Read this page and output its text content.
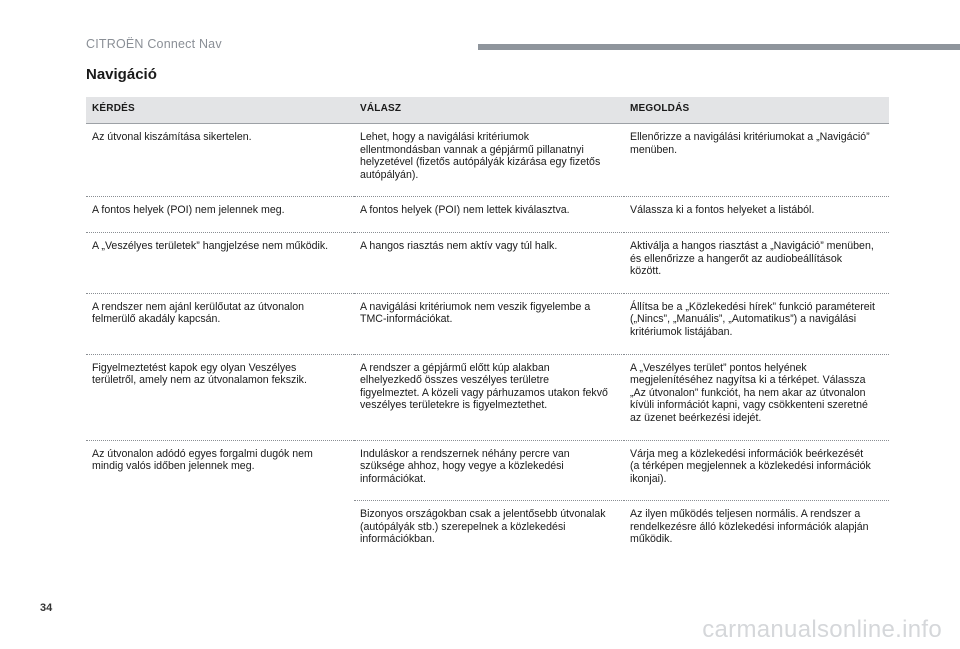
CITROËN Connect Nav
Navigáció
KÉRDÉS	VÁLASZ	MEGOLDÁS
Az útvonal kiszámítása sikertelen.	Lehet, hogy a navigálási kritériumok ellentmondásban vannak a gépjármű pillanatnyi helyzetével (fizetős autópályák kizárása egy fizetős autópályán).	Ellenőrizze a navigálási kritériumokat a „Navigáció” menüben.
A fontos helyek (POI) nem jelennek meg.	A fontos helyek (POI) nem lettek kiválasztva.	Válassza ki a fontos helyeket a listából.
A „Veszélyes területek” hangjelzése nem működik.	A hangos riasztás nem aktív vagy túl halk.	Aktiválja a hangos riasztást a „Navigáció” menüben, és ellenőrizze a hangerőt az audiobeállítások között.
A rendszer nem ajánl kerülőutat az útvonalon felmerülő akadály kapcsán.	A navigálási kritériumok nem veszik figyelembe a TMC-információkat.	Állítsa be a „Közlekedési hírek” funkció paramétereit („Nincs”, „Manuális”, „Automatikus”) a navigálási kritériumok listájában.
Figyelmeztetést kapok egy olyan Veszélyes területről, amely nem az útvonalamon fekszik.	A rendszer a gépjármű előtt kúp alakban elhelyezkedő összes veszélyes területre figyelmeztet. A közeli vagy párhuzamos utakon fekvő veszélyes területekre is figyelmeztethet.	A „Veszélyes terület” pontos helyének megjelenítéséhez nagyítsa ki a térképet. Válassza „Az útvonalon” funkciót, ha nem akar az útvonalon kívüli információt kapni, vagy csökkenteni szeretné az üzenet beérkezési idejét.
Az útvonalon adódó egyes forgalmi dugók nem mindig valós időben jelennek meg.	Induláskor a rendszernek néhány percre van szüksége ahhoz, hogy vegye a közlekedési információkat.	Várja meg a közlekedési információk beérkezését (a térképen megjelennek a közlekedési információk ikonjai).
	Bizonyos országokban csak a jelentősebb útvonalak (autópályák stb.) szerepelnek a közlekedési információkban.	Az ilyen működés teljesen normális. A rendszer a rendelkezésre álló közlekedési információk alapján működik.
34
carmanualsonline.info
